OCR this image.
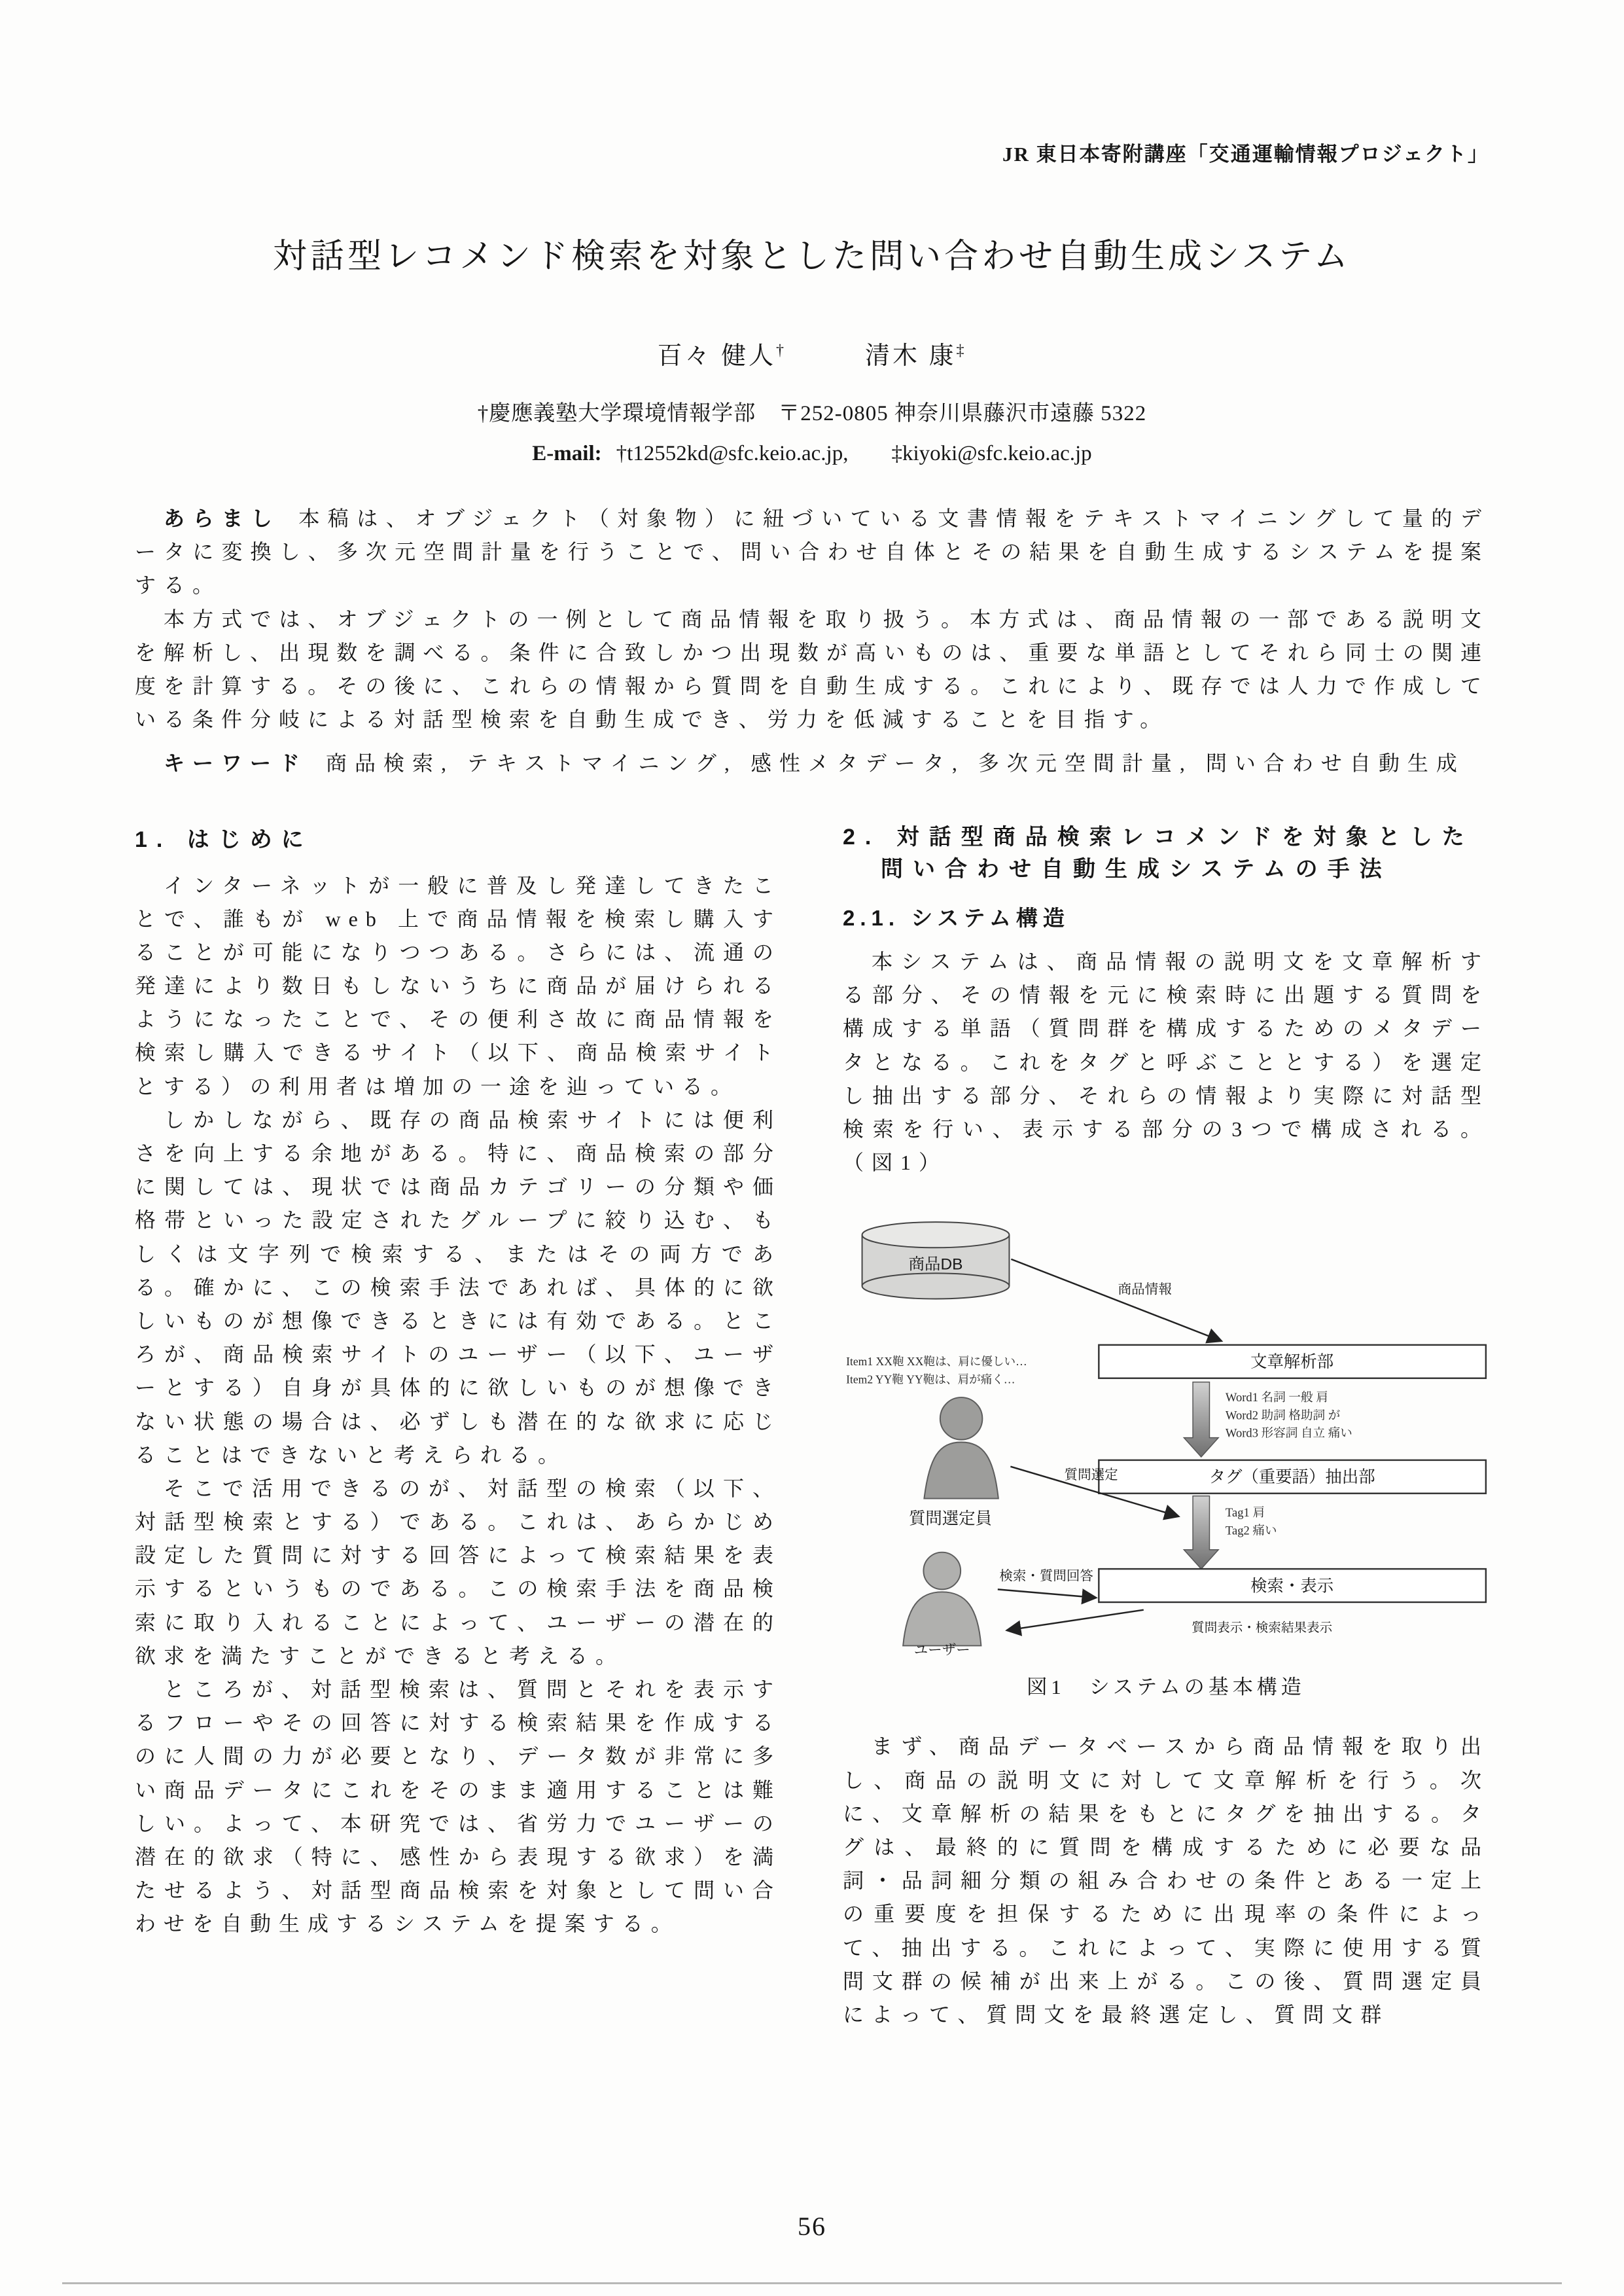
JR 東日本寄附講座「交通運輸情報プロジェクト」
対話型レコメンド検索を対象とした問い合わせ自動生成システム
百々 健人†	清木 康‡
†慶應義塾大学環境情報学部　〒252-0805 神奈川県藤沢市遠藤 5322
E-mail: †t12552kd@sfc.keio.ac.jp,　　‡kiyoki@sfc.keio.ac.jp

あらまし 本稿は、オブジェクト（対象物）に紐づいている文書情報をテキストマイニングして量的データに変換し、多次元空間計量を行うことで、問い合わせ自体とその結果を自動生成するシステムを提案する。

本方式では、オブジェクトの一例として商品情報を取り扱う。本方式は、商品情報の一部である説明文を解析し、出現数を調べる。条件に合致しかつ出現数が高いものは、重要な単語としてそれら同士の関連度を計算する。その後に、これらの情報から質問を自動生成する。これにより、既存では人力で作成している条件分岐による対話型検索を自動生成でき、労力を低減することを目指す。

キーワード 商品検索, テキストマイニング, 感性メタデータ, 多次元空間計量, 問い合わせ自動生成

1. はじめに

インターネットが一般に普及し発達してきたことで、誰もが web 上で商品情報を検索し購入することが可能になりつつある。さらには、流通の発達により数日もしないうちに商品が届けられるようになったことで、その便利さ故に商品情報を検索し購入できるサイト（以下、商品検索サイトとする）の利用者は増加の一途を辿っている。

しかしながら、既存の商品検索サイトには便利さを向上する余地がある。特に、商品検索の部分に関しては、現状では商品カテゴリーの分類や価格帯といった設定されたグループに絞り込む、もしくは文字列で検索する、またはその両方である。確かに、この検索手法であれば、具体的に欲しいものが想像できるときには有効である。ところが、商品検索サイトのユーザー（以下、ユーザーとする）自身が具体的に欲しいものが想像できない状態の場合は、必ずしも潜在的な欲求に応じることはできないと考えられる。

そこで活用できるのが、対話型の検索（以下、対話型検索とする）である。これは、あらかじめ設定した質問に対する回答によって検索結果を表示するというものである。この検索手法を商品検索に取り入れることによって、ユーザーの潜在的欲求を満たすことができると考える。

ところが、対話型検索は、質問とそれを表示するフローやその回答に対する検索結果を作成するのに人間の力が必要となり、データ数が非常に多い商品データにこれをそのまま適用することは難しい。よって、本研究では、省労力でユーザーの潜在的欲求（特に、感性から表現する欲求）を満たせるよう、対話型商品検索を対象として問い合わせを自動生成するシステムを提案する。

2. 対話型商品検索レコメンドを対象とした
問い合わせ自動生成システムの手法
2.1. システム構造

本システムは、商品情報の説明文を文章解析する部分、その情報を元に検索時に出題する質問を構成する単語（質問群を構成するためのメタデータとなる。これをタグと呼ぶこととする）を選定し抽出する部分、それらの情報より実際に対話型検索を行い、表示する部分の3つで構成される。（図1）

商品DB
商品情報
Item1 XX鞄 XX鞄は、肩に優しい…
Item2 YY鞄 YY鞄は、肩が痛く…
文章解析部
Word1 名詞 一般 肩
Word2 助詞 格助詞 が
Word3 形容詞 自立 痛い
タグ（重要語）抽出部
Tag1 肩
Tag2 痛い
質問選定員
質問選定
検索・表示
ユーザー
検索・質問回答
質問表示・検索結果表示
図1　システムの基本構造

まず、商品データベースから商品情報を取り出し、商品の説明文に対して文章解析を行う。次に、文章解析の結果をもとにタグを抽出する。タグは、最終的に質問を構成するために必要な品詞・品詞細分類の組み合わせの条件とある一定上の重要度を担保するために出現率の条件によって、抽出する。これによって、実際に使用する質問文群の候補が出来上がる。この後、質問選定員によって、質問文を最終選定し、質問文群

56
